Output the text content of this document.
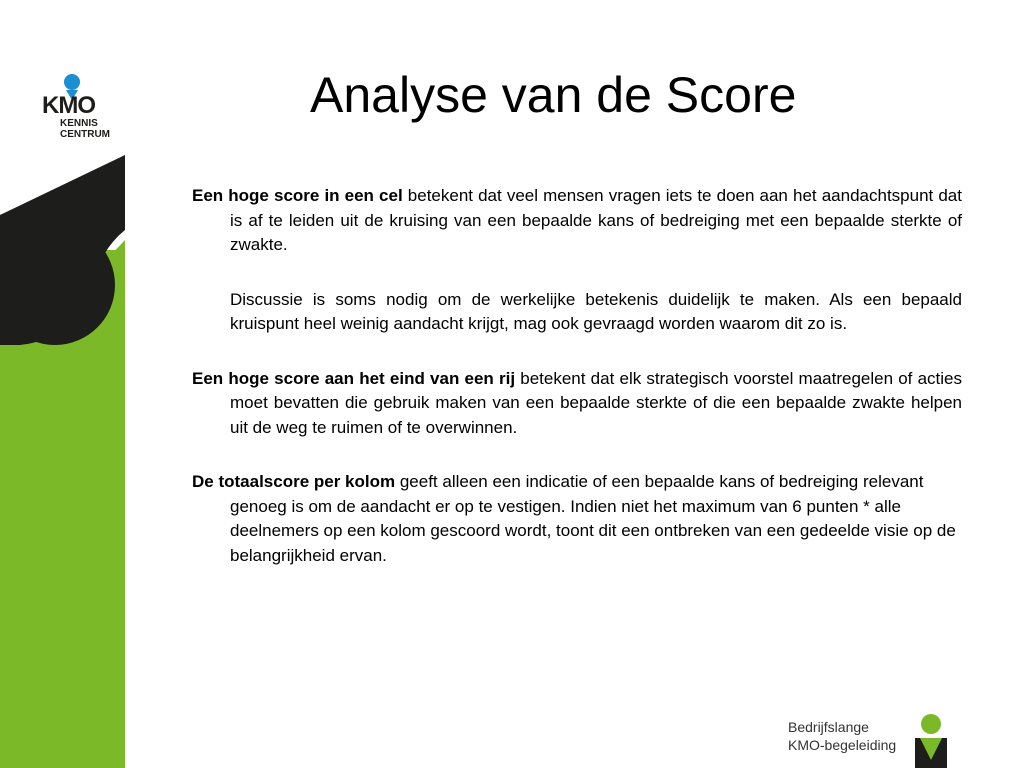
KMO
KENNIS
CENTRUM
Analyse van de Score

Een hoge score in een cel betekent dat veel mensen vragen iets te doen aan het aandachtspunt dat is af te leiden uit de kruising van een bepaalde kans of bedreiging met een bepaalde sterkte of zwakte.

Discussie is soms nodig om de werkelijke betekenis duidelijk te maken. Als een bepaald kruispunt heel weinig aandacht krijgt, mag ook gevraagd worden waarom dit zo is.

Een hoge score aan het eind van een rij betekent dat elk strategisch voorstel maatregelen of acties moet bevatten die gebruik maken van een bepaalde sterkte of die een bepaalde zwakte helpen uit de weg te ruimen of te overwinnen.

De totaalscore per kolom geeft alleen een indicatie of een bepaalde kans of bedreiging relevant genoeg is om de aandacht er op te vestigen. Indien niet het maximum van 6 punten * alle deelnemers op een kolom gescoord wordt, toont dit een ontbreken van een gedeelde visie op de belangrijkheid ervan.

Bedrijfslange
KMO-begeleiding
